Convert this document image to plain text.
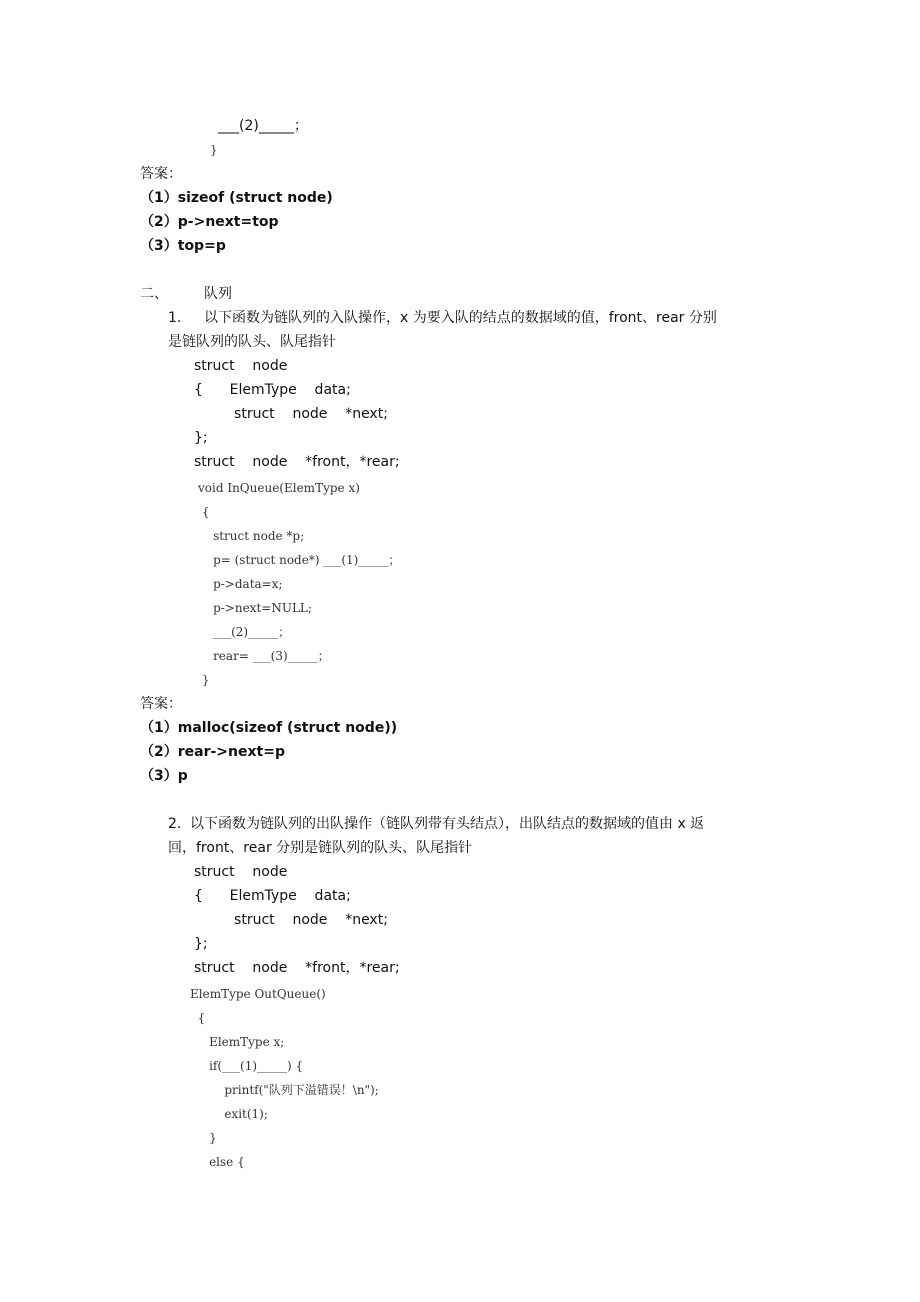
___(2)_____；
}
答案：
（1）sizeof (struct node)
（2）p->next=top
（3）top=p
二、	队列
1. 以下函数为链队列的入队操作，x 为要入队的结点的数据域的值，front、rear 分别
是链队列的队头、队尾指针
struct    node
{      ElemType    data;
struct    node    *next;
};
struct    node    *front，*rear;
void InQueue(ElemType x)
{
struct node *p;
p= (struct node*) ___(1)_____；
p->data=x;
p->next=NULL;
___(2)_____；
rear= ___(3)_____；
}
答案：
（1）malloc(sizeof (struct node))
（2）rear->next=p
（3）p
2. 以下函数为链队列的出队操作（链队列带有头结点），出队结点的数据域的值由 x 返
回，front、rear 分别是链队列的队头、队尾指针
struct    node
{      ElemType    data;
struct    node    *next;
};
struct    node    *front，*rear;
ElemType OutQueue()
{
ElemType x;
if(___(1)_____) {
printf("队列下溢错误！\n");
exit(1);
}
else {
